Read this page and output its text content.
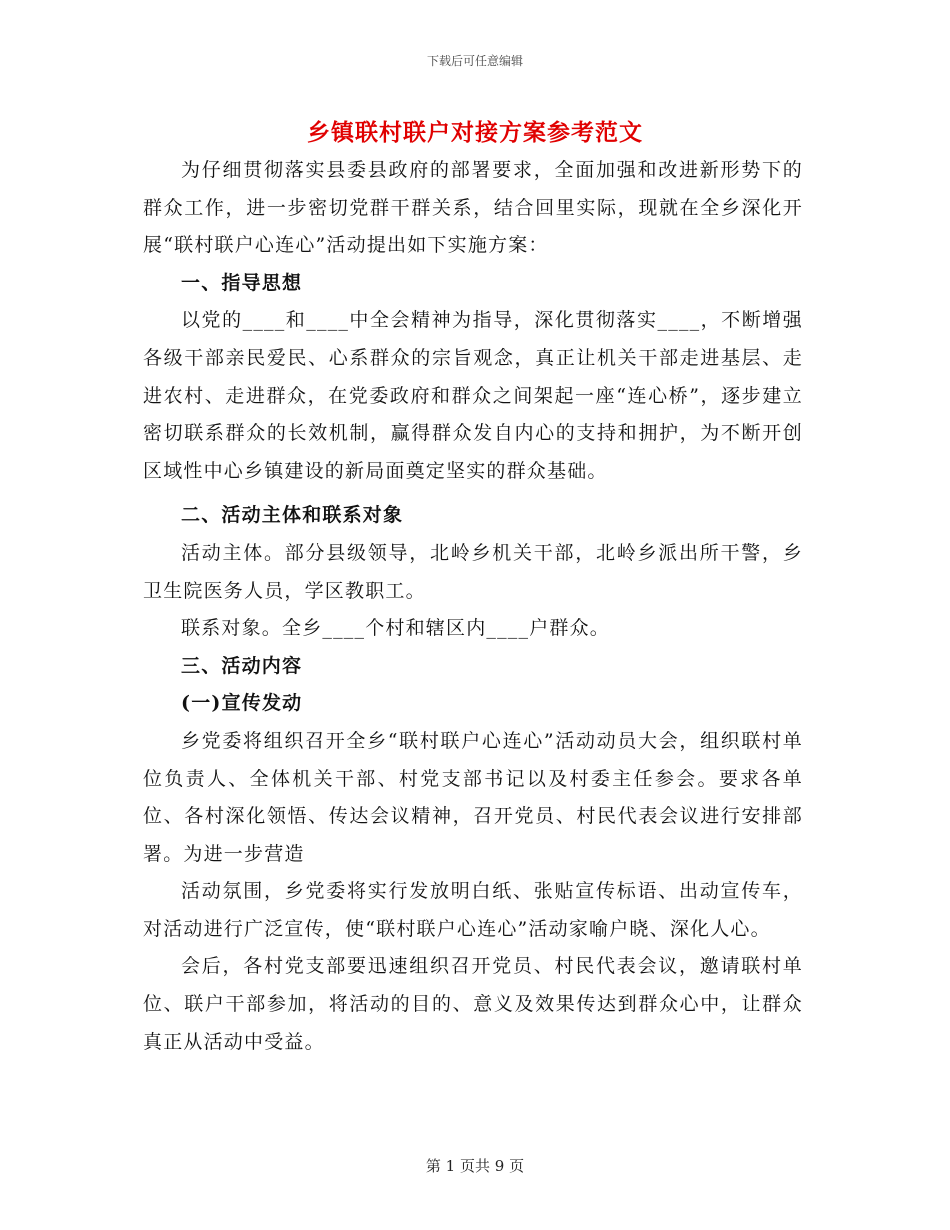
下载后可任意编辑
乡镇联村联户对接方案参考范文

为仔细贯彻落实县委县政府的部署要求，全面加强和改进新形势下的群众工作，进一步密切党群干群关系，结合回里实际，现就在全乡深化开展“联村联户心连心”活动提出如下实施方案：

一、指导思想

以党的____和____中全会精神为指导，深化贯彻落实____，不断增强各级干部亲民爱民、心系群众的宗旨观念，真正让机关干部走进基层、走进农村、走进群众，在党委政府和群众之间架起一座“连心桥”，逐步建立密切联系群众的长效机制，赢得群众发自内心的支持和拥护，为不断开创区域性中心乡镇建设的新局面奠定坚实的群众基础。

二、活动主体和联系对象

活动主体。部分县级领导，北岭乡机关干部，北岭乡派出所干警，乡卫生院医务人员，学区教职工。

联系对象。全乡____个村和辖区内____户群众。

三、活动内容
(一)宣传发动

乡党委将组织召开全乡“联村联户心连心”活动动员大会，组织联村单位负责人、全体机关干部、村党支部书记以及村委主任参会。要求各单位、各村深化领悟、传达会议精神，召开党员、村民代表会议进行安排部署。为进一步营造

活动氛围，乡党委将实行发放明白纸、张贴宣传标语、出动宣传车，对活动进行广泛宣传，使“联村联户心连心”活动家喻户晓、深化人心。

会后，各村党支部要迅速组织召开党员、村民代表会议，邀请联村单位、联户干部参加，将活动的目的、意义及效果传达到群众心中，让群众真正从活动中受益。

第 1 页共 9 页
